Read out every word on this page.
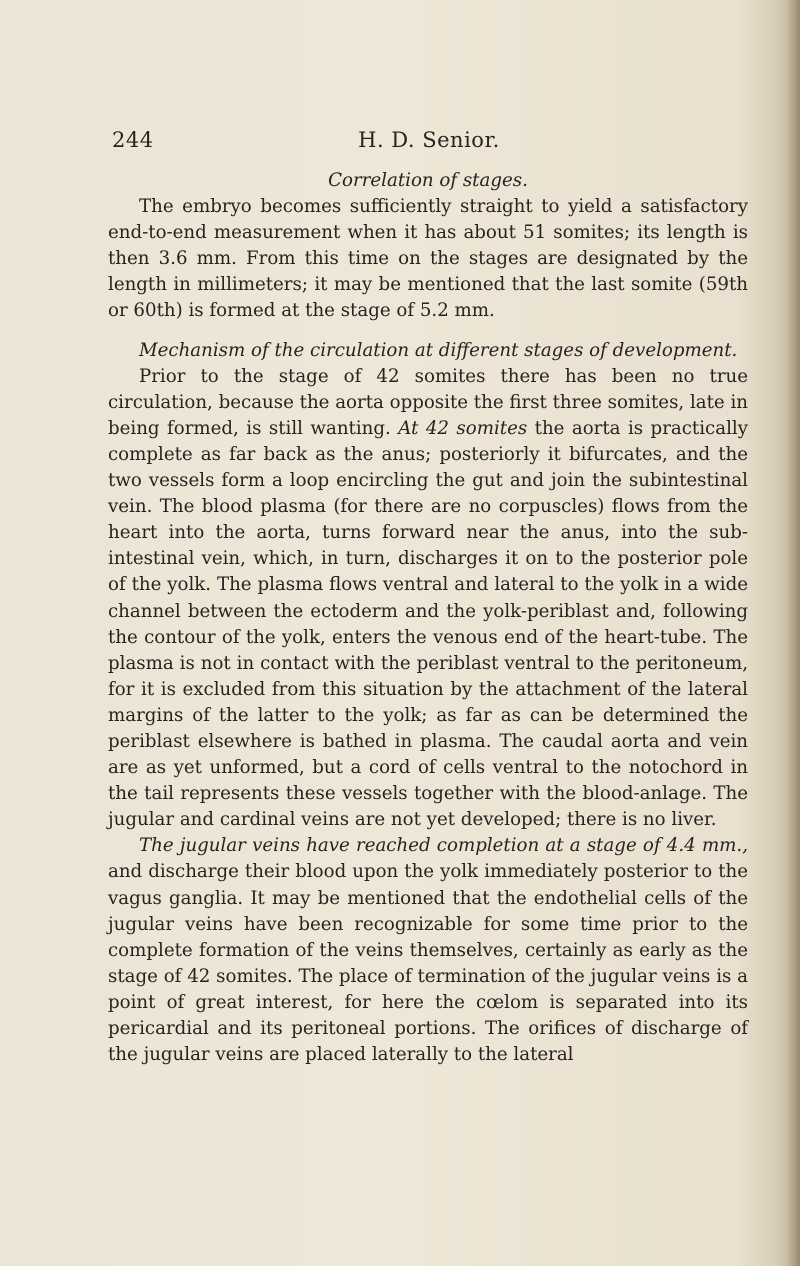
244	H. D. Senior.

Correlation of stages.

The embryo becomes sufficiently straight to yield a satisfactory end-to-end measurement when it has about 51 somites; its length is then 3.6 mm. From this time on the stages are designated by the length in millimeters; it may be mentioned that the last somite (59th or 60th) is formed at the stage of 5.2 mm.

Mechanism of the circulation at different stages of development.

Prior to the stage of 42 somites there has been no true circulation, because the aorta opposite the first three somites, late in being formed, is still wanting. At 42 somites the aorta is practically complete as far back as the anus; posteriorly it bifurcates, and the two vessels form a loop encircling the gut and join the subintestinal vein. The blood plasma (for there are no corpuscles) flows from the heart into the aorta, turns forward near the anus, into the sub-intestinal vein, which, in turn, discharges it on to the posterior pole of the yolk. The plasma flows ventral and lateral to the yolk in a wide channel between the ectoderm and the yolk-periblast and, following the contour of the yolk, enters the venous end of the heart-tube. The plasma is not in contact with the periblast ventral to the peritoneum, for it is excluded from this situation by the attachment of the lateral margins of the latter to the yolk; as far as can be determined the periblast elsewhere is bathed in plasma. The caudal aorta and vein are as yet unformed, but a cord of cells ventral to the notochord in the tail represents these vessels together with the blood-anlage. The jugular and cardinal veins are not yet developed; there is no liver.

The jugular veins have reached completion at a stage of 4.4 mm., and discharge their blood upon the yolk immediately posterior to the vagus ganglia. It may be mentioned that the endothelial cells of the jugular veins have been recognizable for some time prior to the complete formation of the veins themselves, certainly as early as the stage of 42 somites. The place of termination of the jugular veins is a point of great interest, for here the cœlom is separated into its pericardial and its peritoneal portions. The orifices of discharge of the jugular veins are placed laterally to the lateral
